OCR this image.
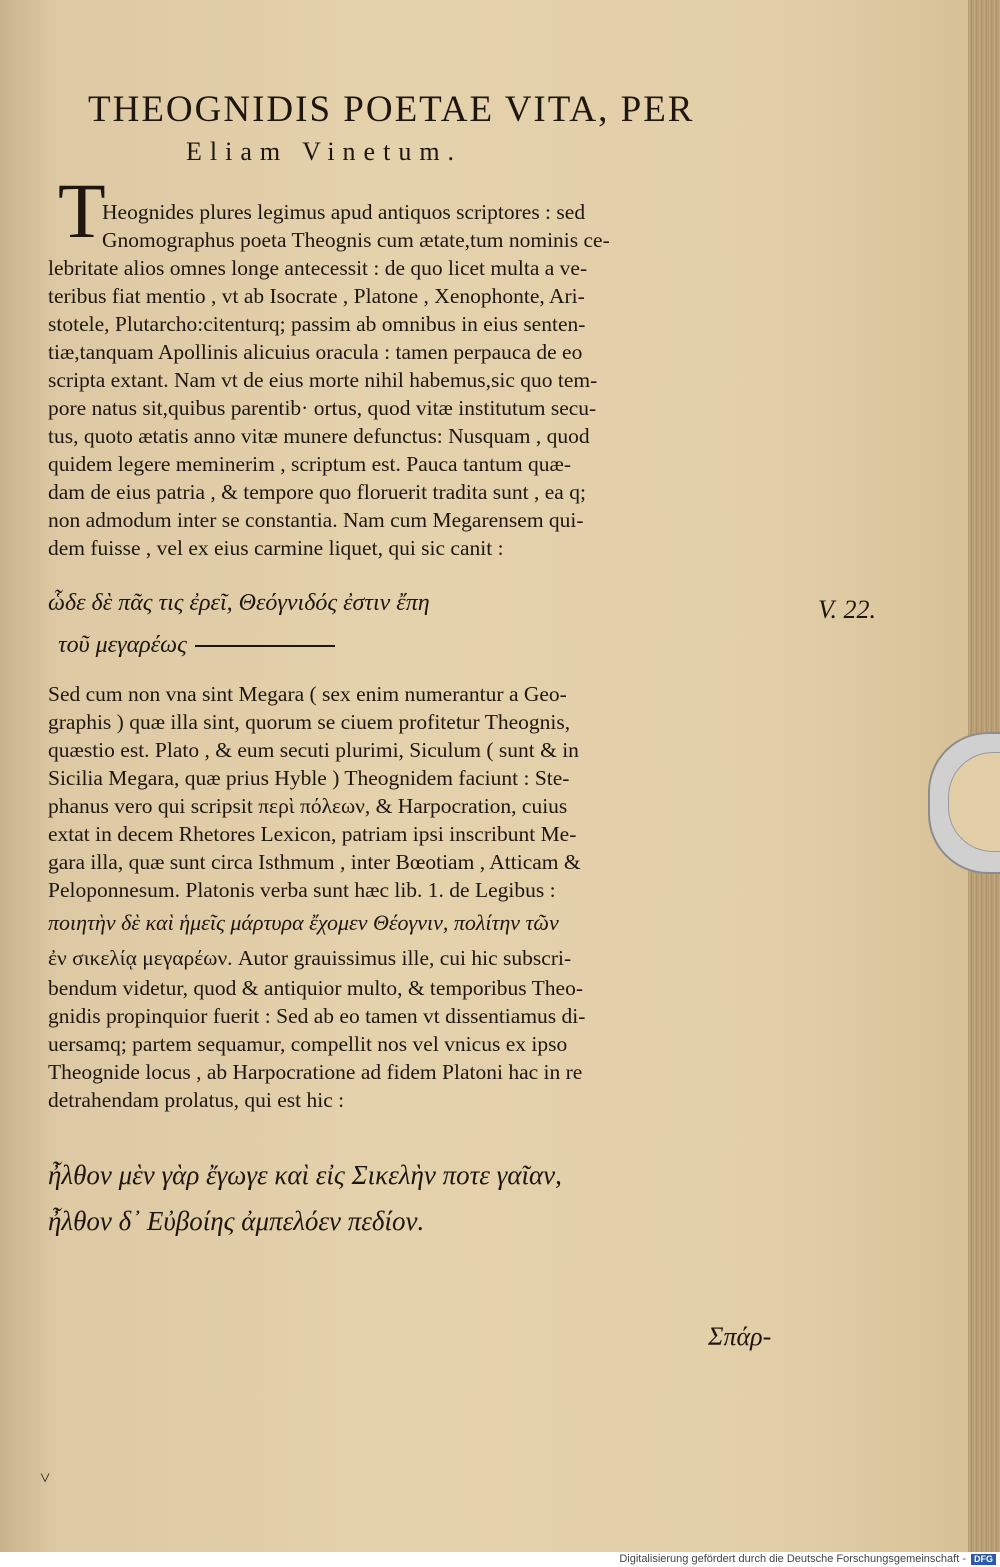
THEOGNIDIS POETAE VITA, PER
Eliam Vinetum.
T
Heognides plures legimus apud antiquos scriptores : sed
Gnomographus poeta Theognis cum ætate,tum nominis ce-
lebritate alios omnes longe antecessit : de quo licet multa a ve-
teribus fiat mentio , vt ab Isocrate , Platone , Xenophonte, Ari-
stotele, Plutarcho:citenturq; passim ab omnibus in eius senten-
tiæ,tanquam Apollinis alicuius oracula : tamen perpauca de eo
scripta extant. Nam vt de eius morte nihil habemus,sic quo tem-
pore natus sit,quibus parentib· ortus, quod vitæ institutum secu-
tus, quoto ætatis anno vitæ munere defunctus: Nusquam , quod
quidem legere meminerim , scriptum est. Pauca tantum quæ-
dam de eius patria , & tempore quo floruerit tradita sunt , ea q;
non admodum inter se constantia. Nam cum Megarensem qui-
dem fuisse , vel ex eius carmine liquet, qui sic canit :
ὧδε δὲ πᾶς τις ἐρεῖ, Θεόγνιδός ἐστιν ἔπη
τοῦ μεγαρέως
V. 22.
Sed cum non vna sint Megara ( sex enim numerantur a Geo-
graphis ) quæ illa sint, quorum se ciuem profitetur Theognis,
quæstio est. Plato , & eum secuti plurimi, Siculum ( sunt & in
Sicilia Megara, quæ prius Hyble ) Theognidem faciunt : Ste-
phanus vero qui scripsit περὶ πόλεων, & Harpocration, cuius
extat in decem Rhetores Lexicon, patriam ipsi inscribunt Me-
gara illa, quæ sunt circa Isthmum , inter Bœotiam , Atticam &
Peloponnesum. Platonis verba sunt hæc lib. 1. de Legibus :
ποιητὴν δὲ καὶ ἡμεῖς μάρτυρα ἔχομεν Θέογνιν, πολίτην τῶν
ἐν σικελίᾳ μεγαρέων. Autor grauissimus ille, cui hic subscri-
bendum videtur, quod & antiquior multo, & temporibus Theo-
gnidis propinquior fuerit : Sed ab eo tamen vt dissentiamus di-
uersamq; partem sequamur, compellit nos vel vnicus ex ipso
Theognide locus , ab Harpocratione ad fidem Platoni hac in re
detrahendam prolatus, qui est hic :
ἦλθον μὲν γὰρ ἔγωγε καὶ εἰς Σικελὴν ποτε γαῖαν,
ἦλθον δ᾽ Εὐβοίης ἀμπελόεν πεδίον.
Σπάρ-
˅
Digitalisierung gefördert durch die Deutsche Forschungsgemeinschaft - DFG
